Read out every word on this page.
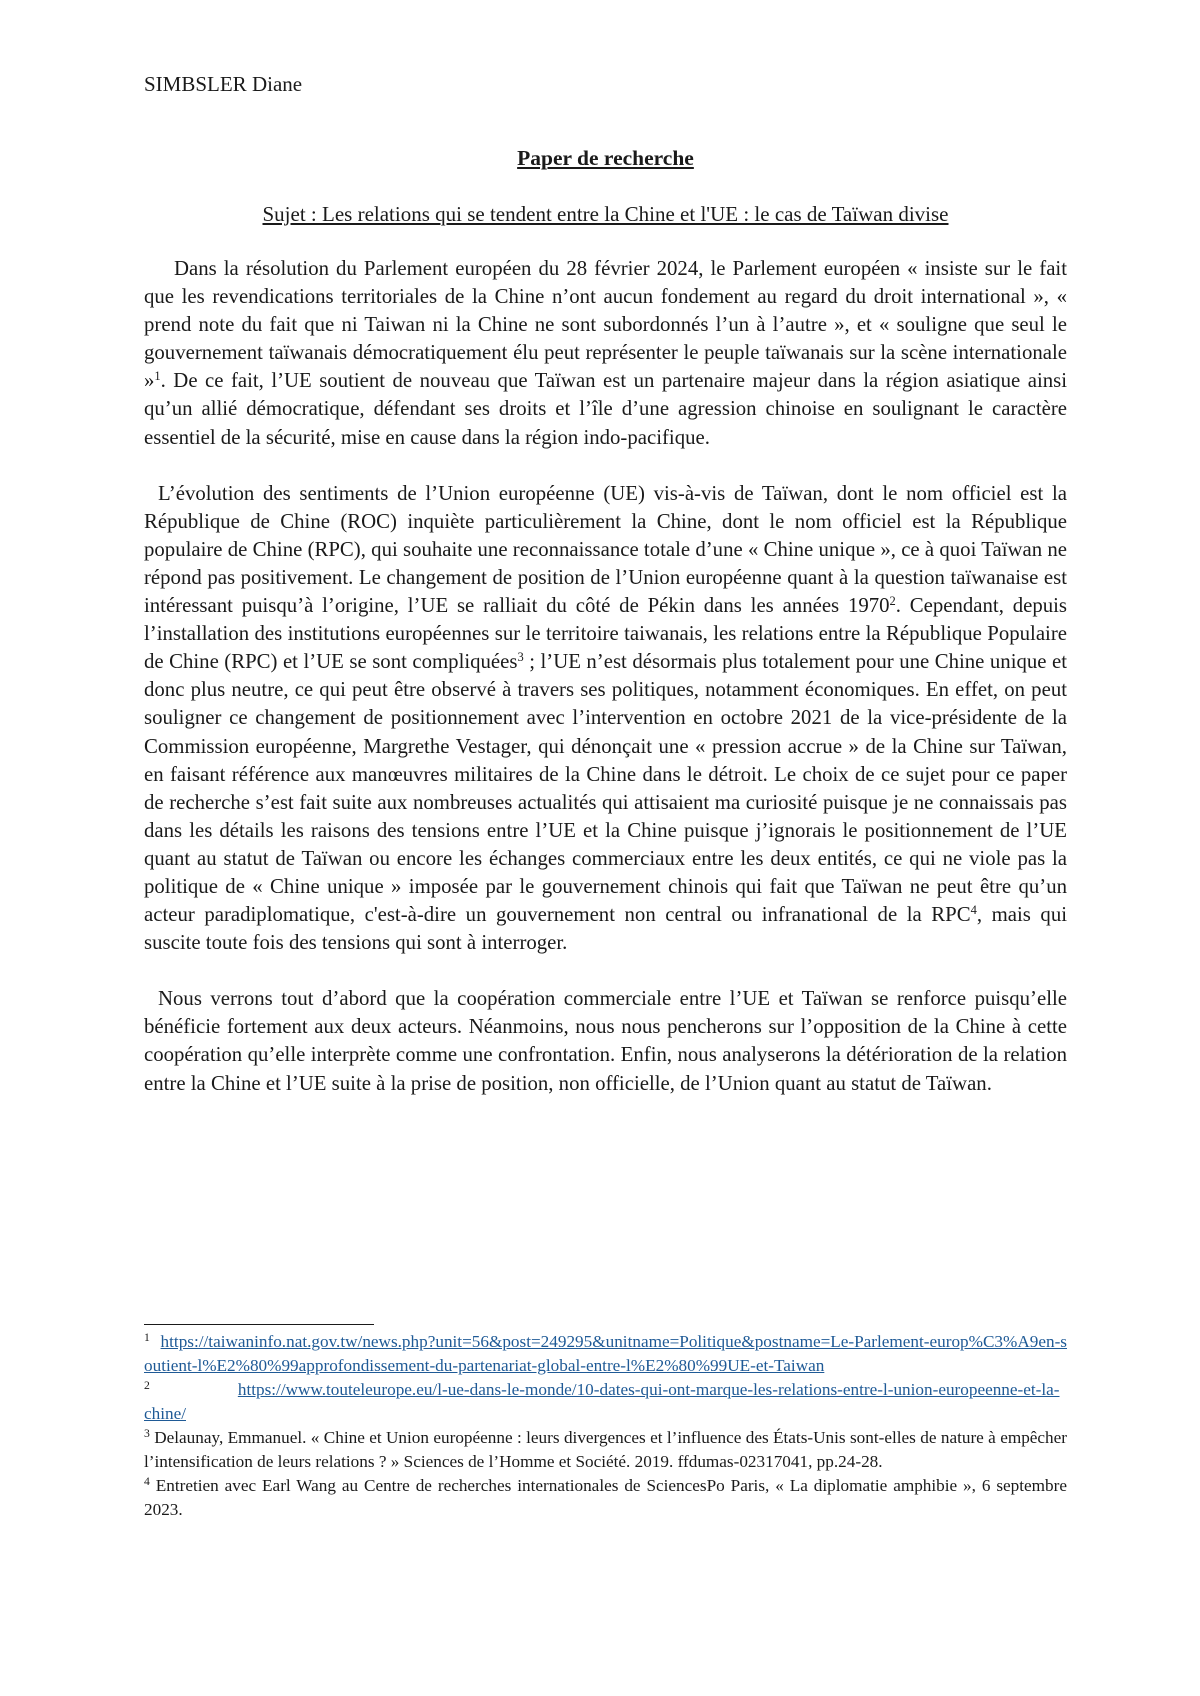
SIMBSLER Diane
Paper de recherche
Sujet : Les relations qui se tendent entre la Chine et l'UE : le cas de Taïwan divise

Dans la résolution du Parlement européen du 28 février 2024, le Parlement européen « insiste sur le fait que les revendications territoriales de la Chine n’ont aucun fondement au regard du droit international », « prend note du fait que ni Taiwan ni la Chine ne sont subordonnés l’un à l’autre », et « souligne que seul le gouvernement taïwanais démocratiquement élu peut représenter le peuple taïwanais sur la scène internationale »$^1$. De ce fait, l’UE soutient de nouveau que Taïwan est un partenaire majeur dans la région asiatique ainsi qu’un allié démocratique, défendant ses droits et l’île d’une agression chinoise en soulignant le caractère essentiel de la sécurité, mise en cause dans la région indo-pacifique.

L’évolution des sentiments de l’Union européenne (UE) vis-à-vis de Taïwan, dont le nom officiel est la République de Chine (ROC) inquiète particulièrement la Chine, dont le nom officiel est la République populaire de Chine (RPC), qui souhaite une reconnaissance totale d’une « Chine unique », ce à quoi Taïwan ne répond pas positivement. Le changement de position de l’Union européenne quant à la question taïwanaise est intéressant puisqu’à l’origine, l’UE se ralliait du côté de Pékin dans les années 1970$^2$. Cependant, depuis l’installation des institutions européennes sur le territoire taiwanais, les relations entre la République Populaire de Chine (RPC) et l’UE se sont compliquées$^3$ ; l’UE n’est désormais plus totalement pour une Chine unique et donc plus neutre, ce qui peut être observé à travers ses politiques, notamment économiques. En effet, on peut souligner ce changement de positionnement avec l’intervention en octobre 2021 de la vice-présidente de la Commission européenne, Margrethe Vestager, qui dénonçait une « pression accrue » de la Chine sur Taïwan, en faisant référence aux manœuvres militaires de la Chine dans le détroit. Le choix de ce sujet pour ce paper de recherche s’est fait suite aux nombreuses actualités qui attisaient ma curiosité puisque je ne connaissais pas dans les détails les raisons des tensions entre l’UE et la Chine puisque j’ignorais le positionnement de l’UE quant au statut de Taïwan ou encore les échanges commerciaux entre les deux entités, ce qui ne viole pas la politique de « Chine unique » imposée par le gouvernement chinois qui fait que Taïwan ne peut être qu’un acteur paradiplomatique, c'est-à-dire un gouvernement non central ou infranational de la RPC$^4$, mais qui suscite toute fois des tensions qui sont à interroger.

Nous verrons tout d’abord que la coopération commerciale entre l’UE et Taïwan se renforce puisqu’elle bénéficie fortement aux deux acteurs. Néanmoins, nous nous pencherons sur l’opposition de la Chine à cette coopération qu’elle interprète comme une confrontation. Enfin, nous analyserons la détérioration de la relation entre la Chine et l’UE suite à la prise de position, non officielle, de l’Union quant au statut de Taïwan.

$^1$ https://taiwaninfo.nat.gov.tw/news.php?unit=56&post=249295&unitname=Politique&postname=Le-Parlement-europ%C3%A9en-soutient-l%E2%80%99approfondissement-du-partenariat-global-entre-l%E2%80%99UE-et-Taiwan

$^2$	https://www.touteleurope.eu/l-ue-dans-le-monde/10-dates-qui-ont-marque-les-relations-entre-l-union-europeenne-et-la-chine/

$^3$ Delaunay, Emmanuel. « Chine et Union européenne : leurs divergences et l’influence des États-Unis sont-elles de nature à empêcher l’intensification de leurs relations ? » Sciences de l’Homme et Société. 2019. ffdumas-02317041, pp.24-28.

$^4$ Entretien avec Earl Wang au Centre de recherches internationales de SciencesPo Paris, « La diplomatie amphibie », 6 septembre 2023.
